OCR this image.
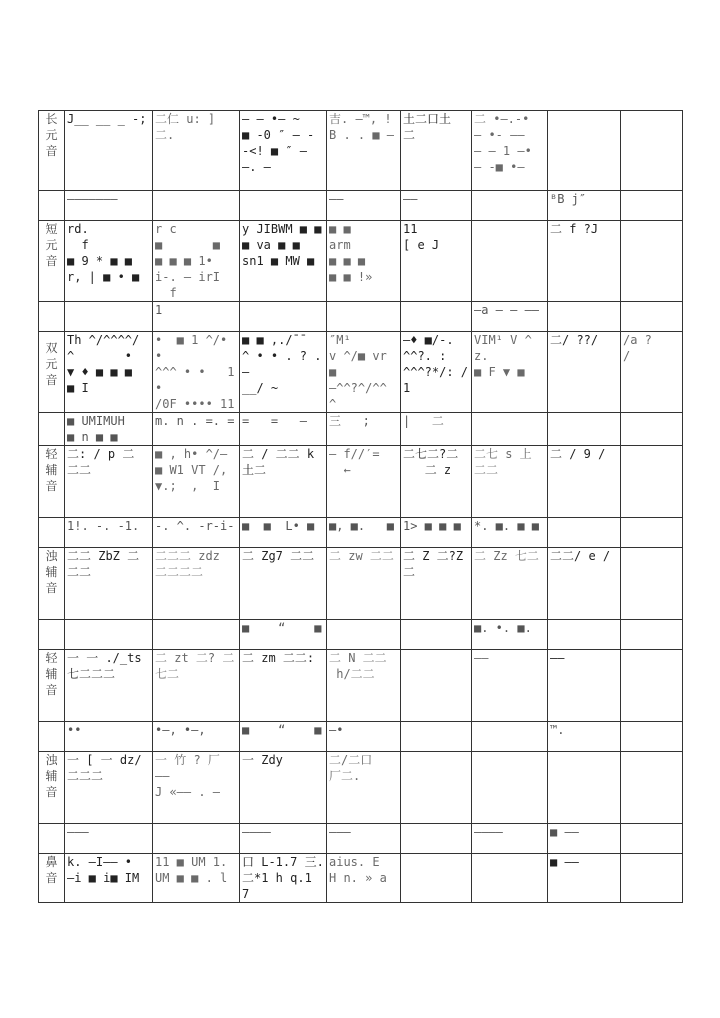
长
元
音	J__ __ _ -;	二仁 u: ] 二.	— — •— ~
■ -0 ″ — -
-<! ■ ″ —
—. —	吉. —™, !
B . . ■ —	土二口土
二	二 •—.-•
— •- ——
— — 1 —•
— -■ •—		
	———————			——	——		ᴮB j″	
短
元
音	rd.
f
■ 9 * ■ ■
r, | ■ • ■	r c
■       ■
■ ■ ■ 1•
i-. — irI
f	y JIBWM ■ ■
■ va ■ ■
sn1 ■ MW ■	■ ■
arm
■ ■ ■
■ ■ !»	11
[ e J		二 f ?J	
		1				—a — — ——		
双
元音	Th ^/^^^^/
^       •
▼ ♦ ■ ■ ■
■ I	•  ■ 1 ^/• •
^^^ • •   1 •
/0F •••• 11	■ ■ ,./¯¯
^ • • . ? . —
__/ ~	″M¹
v ^/■ vr
■
—^^?^/^^ ^	—♦ ■/-.
^^?. :
^^^?*/: /1	VIM¹ V ^z.
■ F ▼ ■	二/ ??/	/a ?
/
	■ UMIMUH
■ n ■ ■	m. n . =. =	=   =   —	三   ;	|   二			
轻
辅
音	二: / p 二
二二	■ , h• ^/—
■ W1 VT /,
▼.;  ,  I	二 / 二二 k
土二	— f//′=
←	二七二?二
二 z	二七 s 上
二二	二 / 9 /	
	1!. -. -1.	-. ^. -r-i-	■  ■  L• ■	■, ■.   ■	1> ■ ■ ■	*. ■. ■ ■		
浊
辅
音	二二 ZbZ 二
二二	二二二 zdz
二二二二	二 Zg7 二二	二 zw 二二	二 Z 二?Z
二	二 Zz 七二	二二/ e /	
			■    “    ■			■. •. ■.		
轻
辅
音	一 一 ./_ts
七二二二	二 zt 二? 二
七二	二 zm 二二:	二 N 二二
h/二二		——	——	
	••	•—, •—,	■    “    ■	—•			™.	
浊
辅
音	一 [ 一 dz/
二二二	一 竹 ? 厂
——
J «—— . —	一 Zdy	二/二口
厂二.				
	———		————	———		————	■ ——	
鼻
音	k. —I—— •
—i ■ i■ IM	11 ■ UM 1.
UM ■ ■ . l	口 L-1.7 三.
二*1 h q.1 7	aius. E
H n. » a			■ ——	
